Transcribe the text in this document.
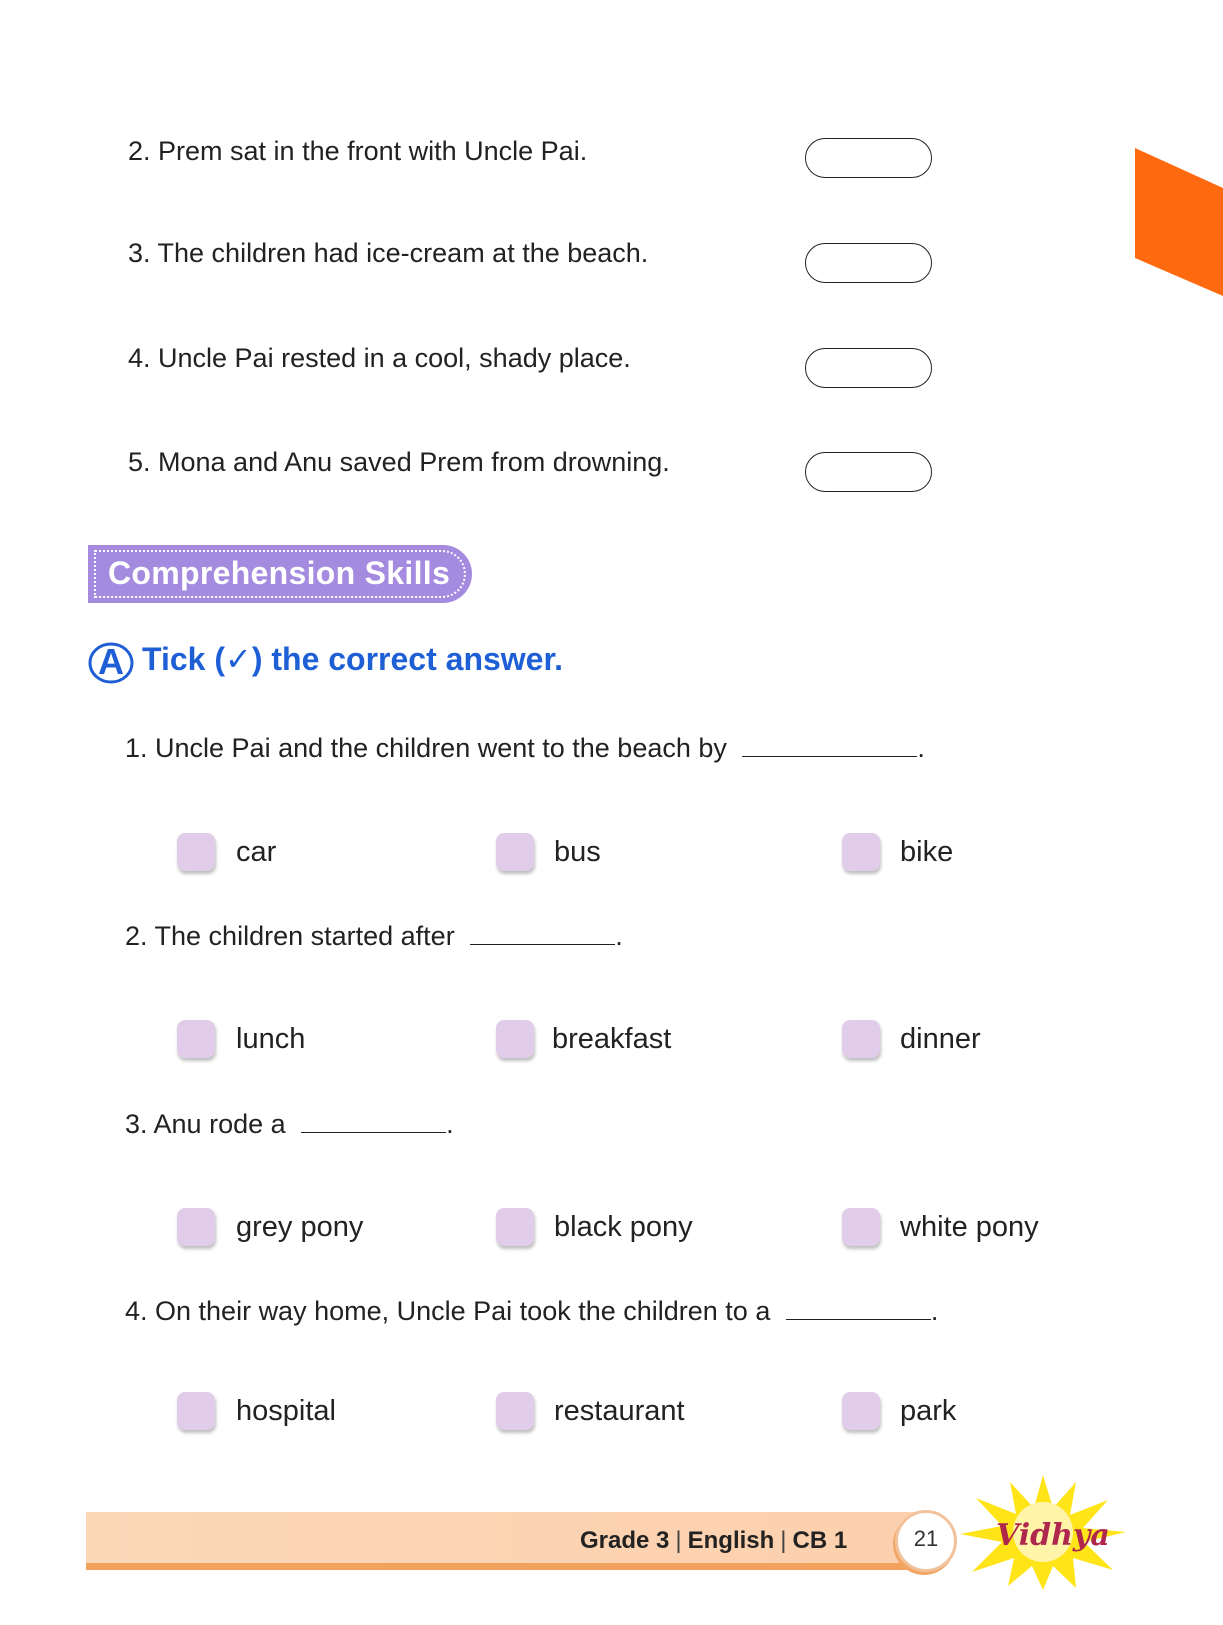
2. Prem sat in the front with Uncle Pai.
3. The children had ice-cream at the beach.
4. Uncle Pai rested in a cool, shady place.
5. Mona and Anu saved Prem from drowning.
Comprehension Skills
A Tick (✓) the correct answer.
1. Uncle Pai and the children went to the beach by	.
car	bus	bike
2. The children started after	.
lunch	breakfast	dinner
3. Anu rode a	.
grey pony	black pony	white pony
4. On their way home, Uncle Pai took the children to a	.
hospital	restaurant	park
Grade 3 | English | CB 1	21	Vidhya
